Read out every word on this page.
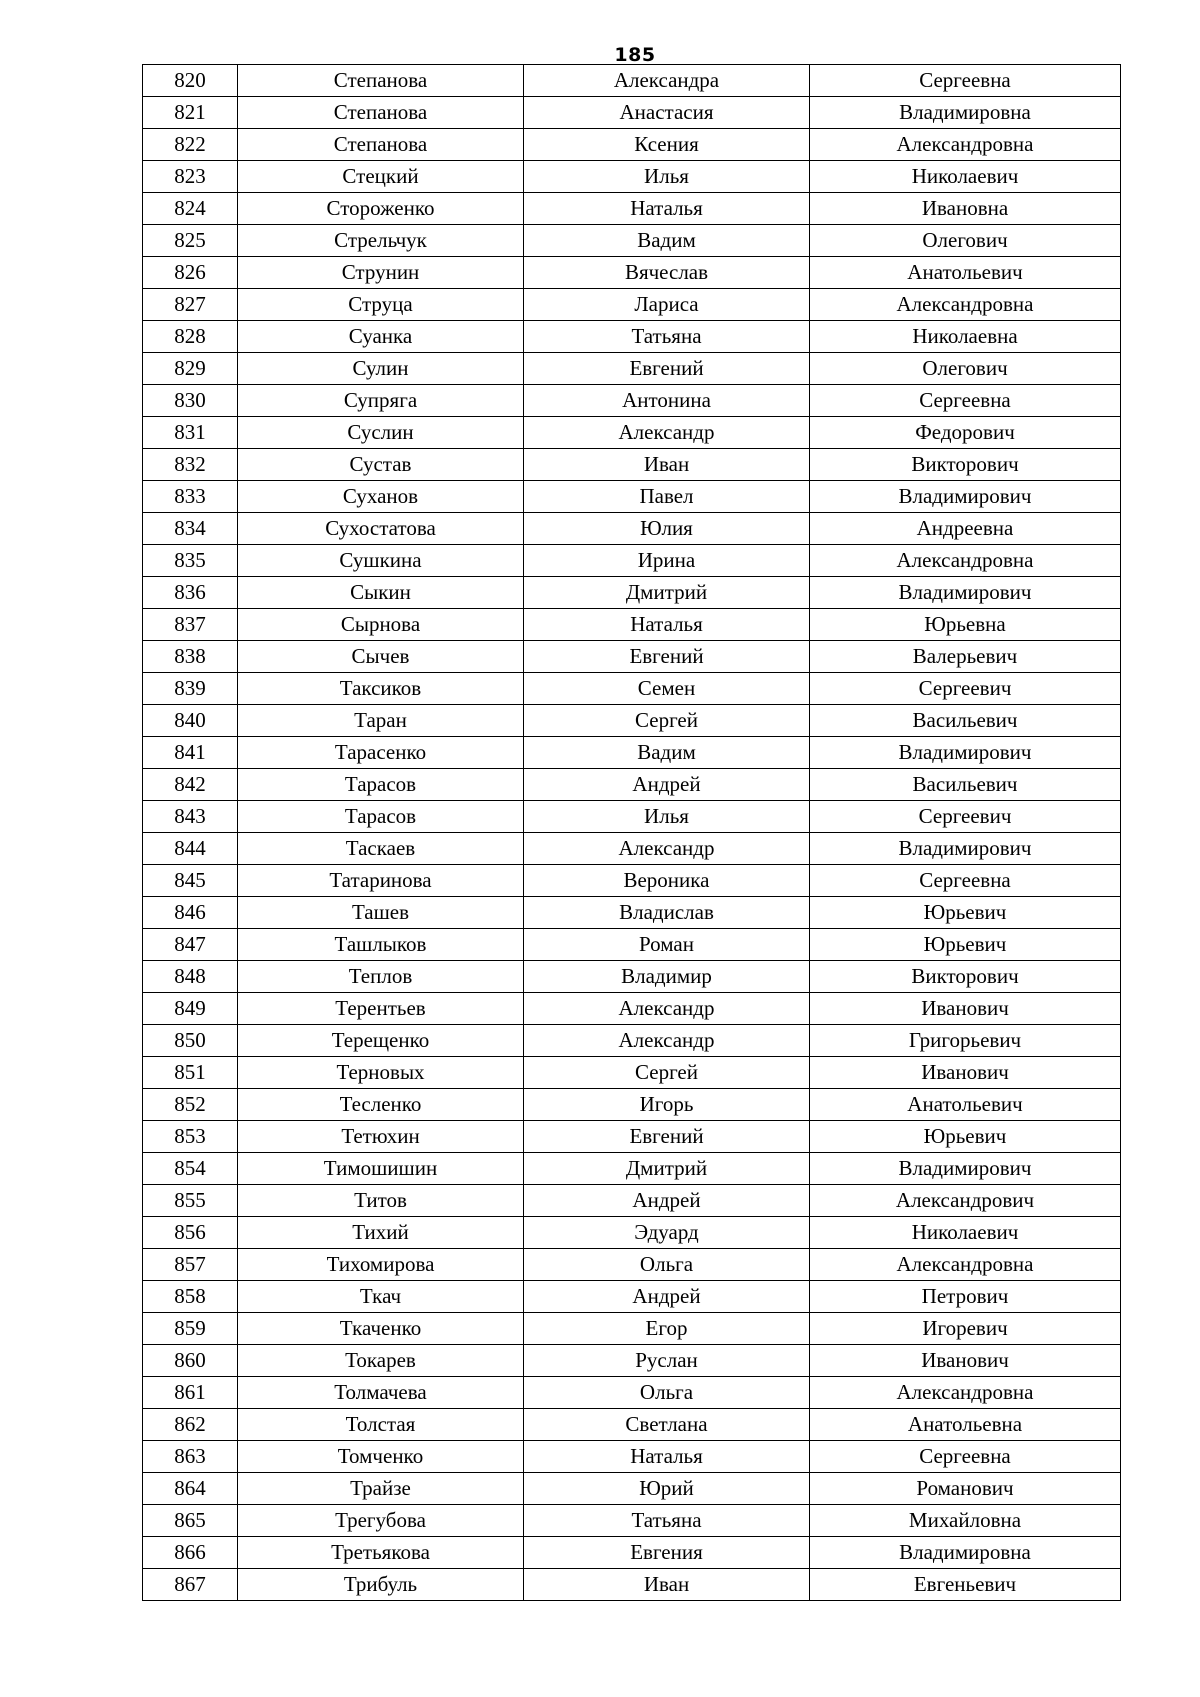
185
820	Степанова	Александра	Сергеевна
821	Степанова	Анастасия	Владимировна
822	Степанова	Ксения	Александровна
823	Стецкий	Илья	Николаевич
824	Стороженко	Наталья	Ивановна
825	Стрельчук	Вадим	Олегович
826	Струнин	Вячеслав	Анатольевич
827	Струца	Лариса	Александровна
828	Суанка	Татьяна	Николаевна
829	Сулин	Евгений	Олегович
830	Супряга	Антонина	Сергеевна
831	Суслин	Александр	Федорович
832	Сустав	Иван	Викторович
833	Суханов	Павел	Владимирович
834	Сухостатова	Юлия	Андреевна
835	Сушкина	Ирина	Александровна
836	Сыкин	Дмитрий	Владимирович
837	Сырнова	Наталья	Юрьевна
838	Сычев	Евгений	Валерьевич
839	Таксиков	Семен	Сергеевич
840	Таран	Сергей	Васильевич
841	Тарасенко	Вадим	Владимирович
842	Тарасов	Андрей	Васильевич
843	Тарасов	Илья	Сергеевич
844	Таскаев	Александр	Владимирович
845	Татаринова	Вероника	Сергеевна
846	Ташев	Владислав	Юрьевич
847	Ташлыков	Роман	Юрьевич
848	Теплов	Владимир	Викторович
849	Терентьев	Александр	Иванович
850	Терещенко	Александр	Григорьевич
851	Терновых	Сергей	Иванович
852	Тесленко	Игорь	Анатольевич
853	Тетюхин	Евгений	Юрьевич
854	Тимошишин	Дмитрий	Владимирович
855	Титов	Андрей	Александрович
856	Тихий	Эдуард	Николаевич
857	Тихомирова	Ольга	Александровна
858	Ткач	Андрей	Петрович
859	Ткаченко	Егор	Игоревич
860	Токарев	Руслан	Иванович
861	Толмачева	Ольга	Александровна
862	Толстая	Светлана	Анатольевна
863	Томченко	Наталья	Сергеевна
864	Трайзе	Юрий	Романович
865	Трегубова	Татьяна	Михайловна
866	Третьякова	Евгения	Владимировна
867	Трибуль	Иван	Евгеньевич
